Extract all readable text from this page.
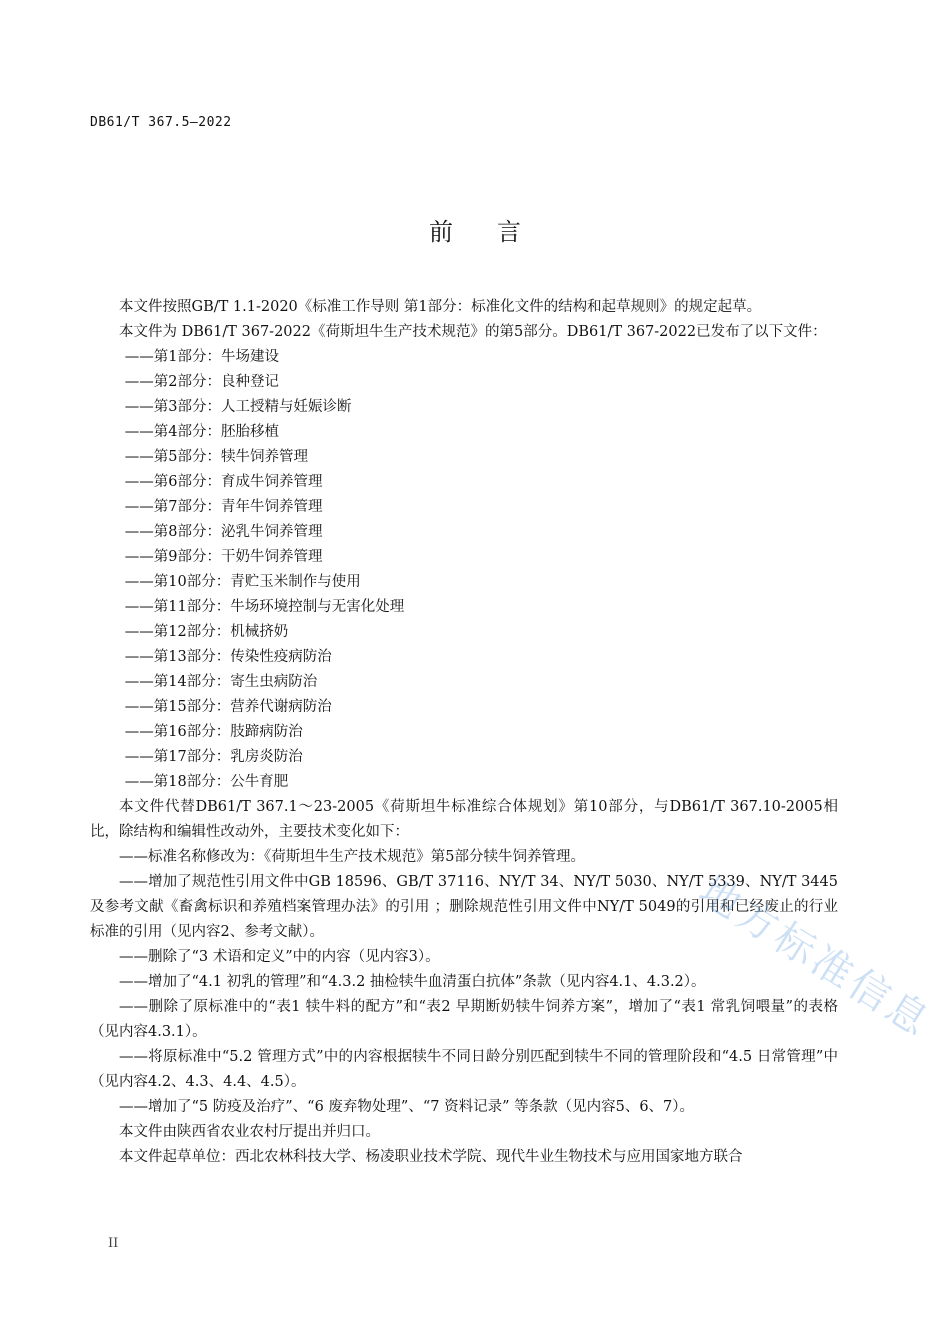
DB61/T 367.5—2022
前言

本文件按照GB/T 1.1-2020《标准工作导则 第1部分：标准化文件的结构和起草规则》的规定起草。

本文件为 DB61/T 367-2022《荷斯坦牛生产技术规范》的第5部分。DB61/T 367-2022已发布了以下文件：

——第1部分：牛场建设

——第2部分：良种登记

——第3部分：人工授精与妊娠诊断

——第4部分：胚胎移植

——第5部分：犊牛饲养管理

——第6部分：育成牛饲养管理

——第7部分：青年牛饲养管理

——第8部分：泌乳牛饲养管理

——第9部分：干奶牛饲养管理

——第10部分：青贮玉米制作与使用

——第11部分：牛场环境控制与无害化处理

——第12部分：机械挤奶

——第13部分：传染性疫病防治

——第14部分：寄生虫病防治

——第15部分：营养代谢病防治

——第16部分：肢蹄病防治

——第17部分：乳房炎防治

——第18部分：公牛育肥

本文件代替DB61/T 367.1～23-2005《荷斯坦牛标准综合体规划》第10部分，与DB61/T 367.10-2005相比，除结构和编辑性改动外，主要技术变化如下：

——标准名称修改为：《荷斯坦牛生产技术规范》第5部分犊牛饲养管理。

——增加了规范性引用文件中GB 18596、GB/T 37116、NY/T 34、NY/T 5030、NY/T 5339、NY/T 3445及参考文献《畜禽标识和养殖档案管理办法》的引用 ；删除规范性引用文件中NY/T 5049的引用和已经废止的行业标准的引用（见内容2、参考文献）。

——删除了“3 术语和定义”中的内容（见内容3）。

——增加了“4.1 初乳的管理”和“4.3.2 抽检犊牛血清蛋白抗体”条款（见内容4.1、4.3.2）。

——删除了原标准中的“表1 犊牛料的配方”和“表2 早期断奶犊牛饲养方案”，增加了“表1 常乳饲喂量”的表格（见内容4.3.1）。

——将原标准中“5.2 管理方式”中的内容根据犊牛不同日龄分别匹配到犊牛不同的管理阶段和“4.5 日常管理”中（见内容4.2、4.3、4.4、4.5）。

——增加了“5 防疫及治疗”、“6 废弃物处理”、“7 资料记录” 等条款（见内容5、6、7）。

本文件由陕西省农业农村厅提出并归口。

本文件起草单位：西北农林科技大学、杨凌职业技术学院、现代牛业生物技术与应用国家地方联合

地方标准信息
II
